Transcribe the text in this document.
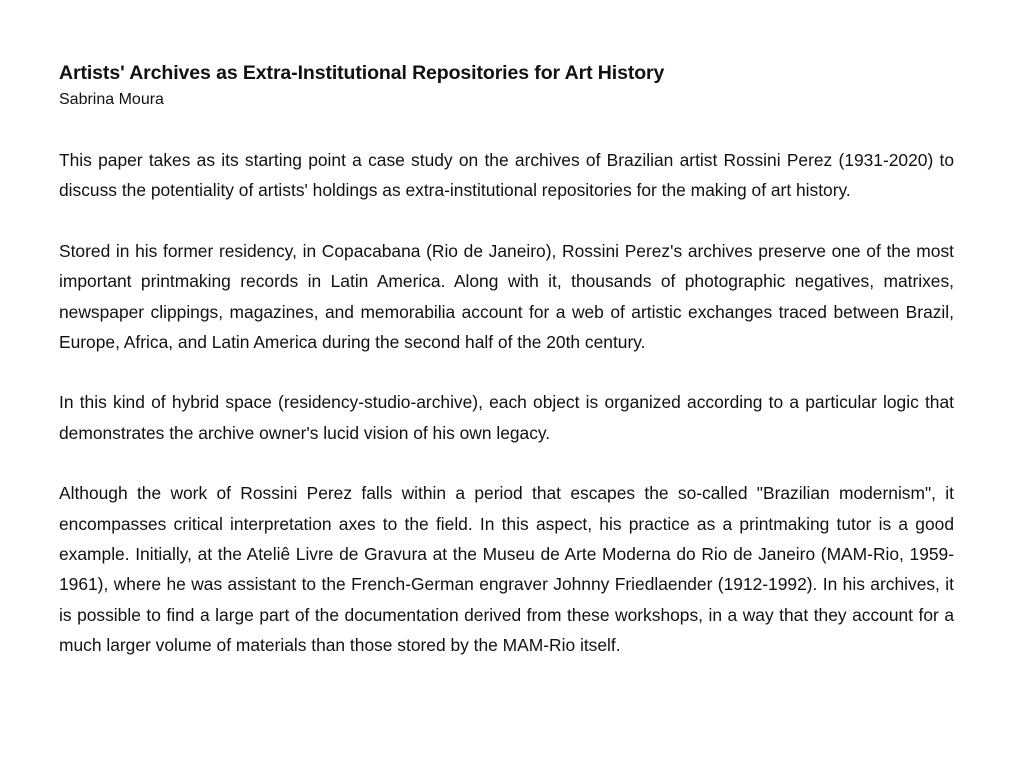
Artists' Archives as Extra-Institutional Repositories for Art History
Sabrina Moura

This paper takes as its starting point a case study on the archives of Brazilian artist Rossini Perez (1931-2020) to discuss the potentiality of artists' holdings as extra-institutional repositories for the making of art history.

Stored in his former residency, in Copacabana (Rio de Janeiro), Rossini Perez's archives preserve one of the most important printmaking records in Latin America. Along with it, thousands of photographic negatives, matrixes, newspaper clippings, magazines, and memorabilia account for a web of artistic exchanges traced between Brazil, Europe, Africa, and Latin America during the second half of the 20th century.

In this kind of hybrid space (residency-studio-archive), each object is organized according to a particular logic that demonstrates the archive owner's lucid vision of his own legacy.

Although the work of Rossini Perez falls within a period that escapes the so-called "Brazilian modernism", it encompasses critical interpretation axes to the field. In this aspect, his practice as a printmaking tutor is a good example. Initially, at the Ateliê Livre de Gravura at the Museu de Arte Moderna do Rio de Janeiro (MAM-Rio, 1959-1961), where he was assistant to the French-German engraver Johnny Friedlaender (1912-1992). In his archives, it is possible to find a large part of the documentation derived from these workshops, in a way that they account for a much larger volume of materials than those stored by the MAM-Rio itself.
